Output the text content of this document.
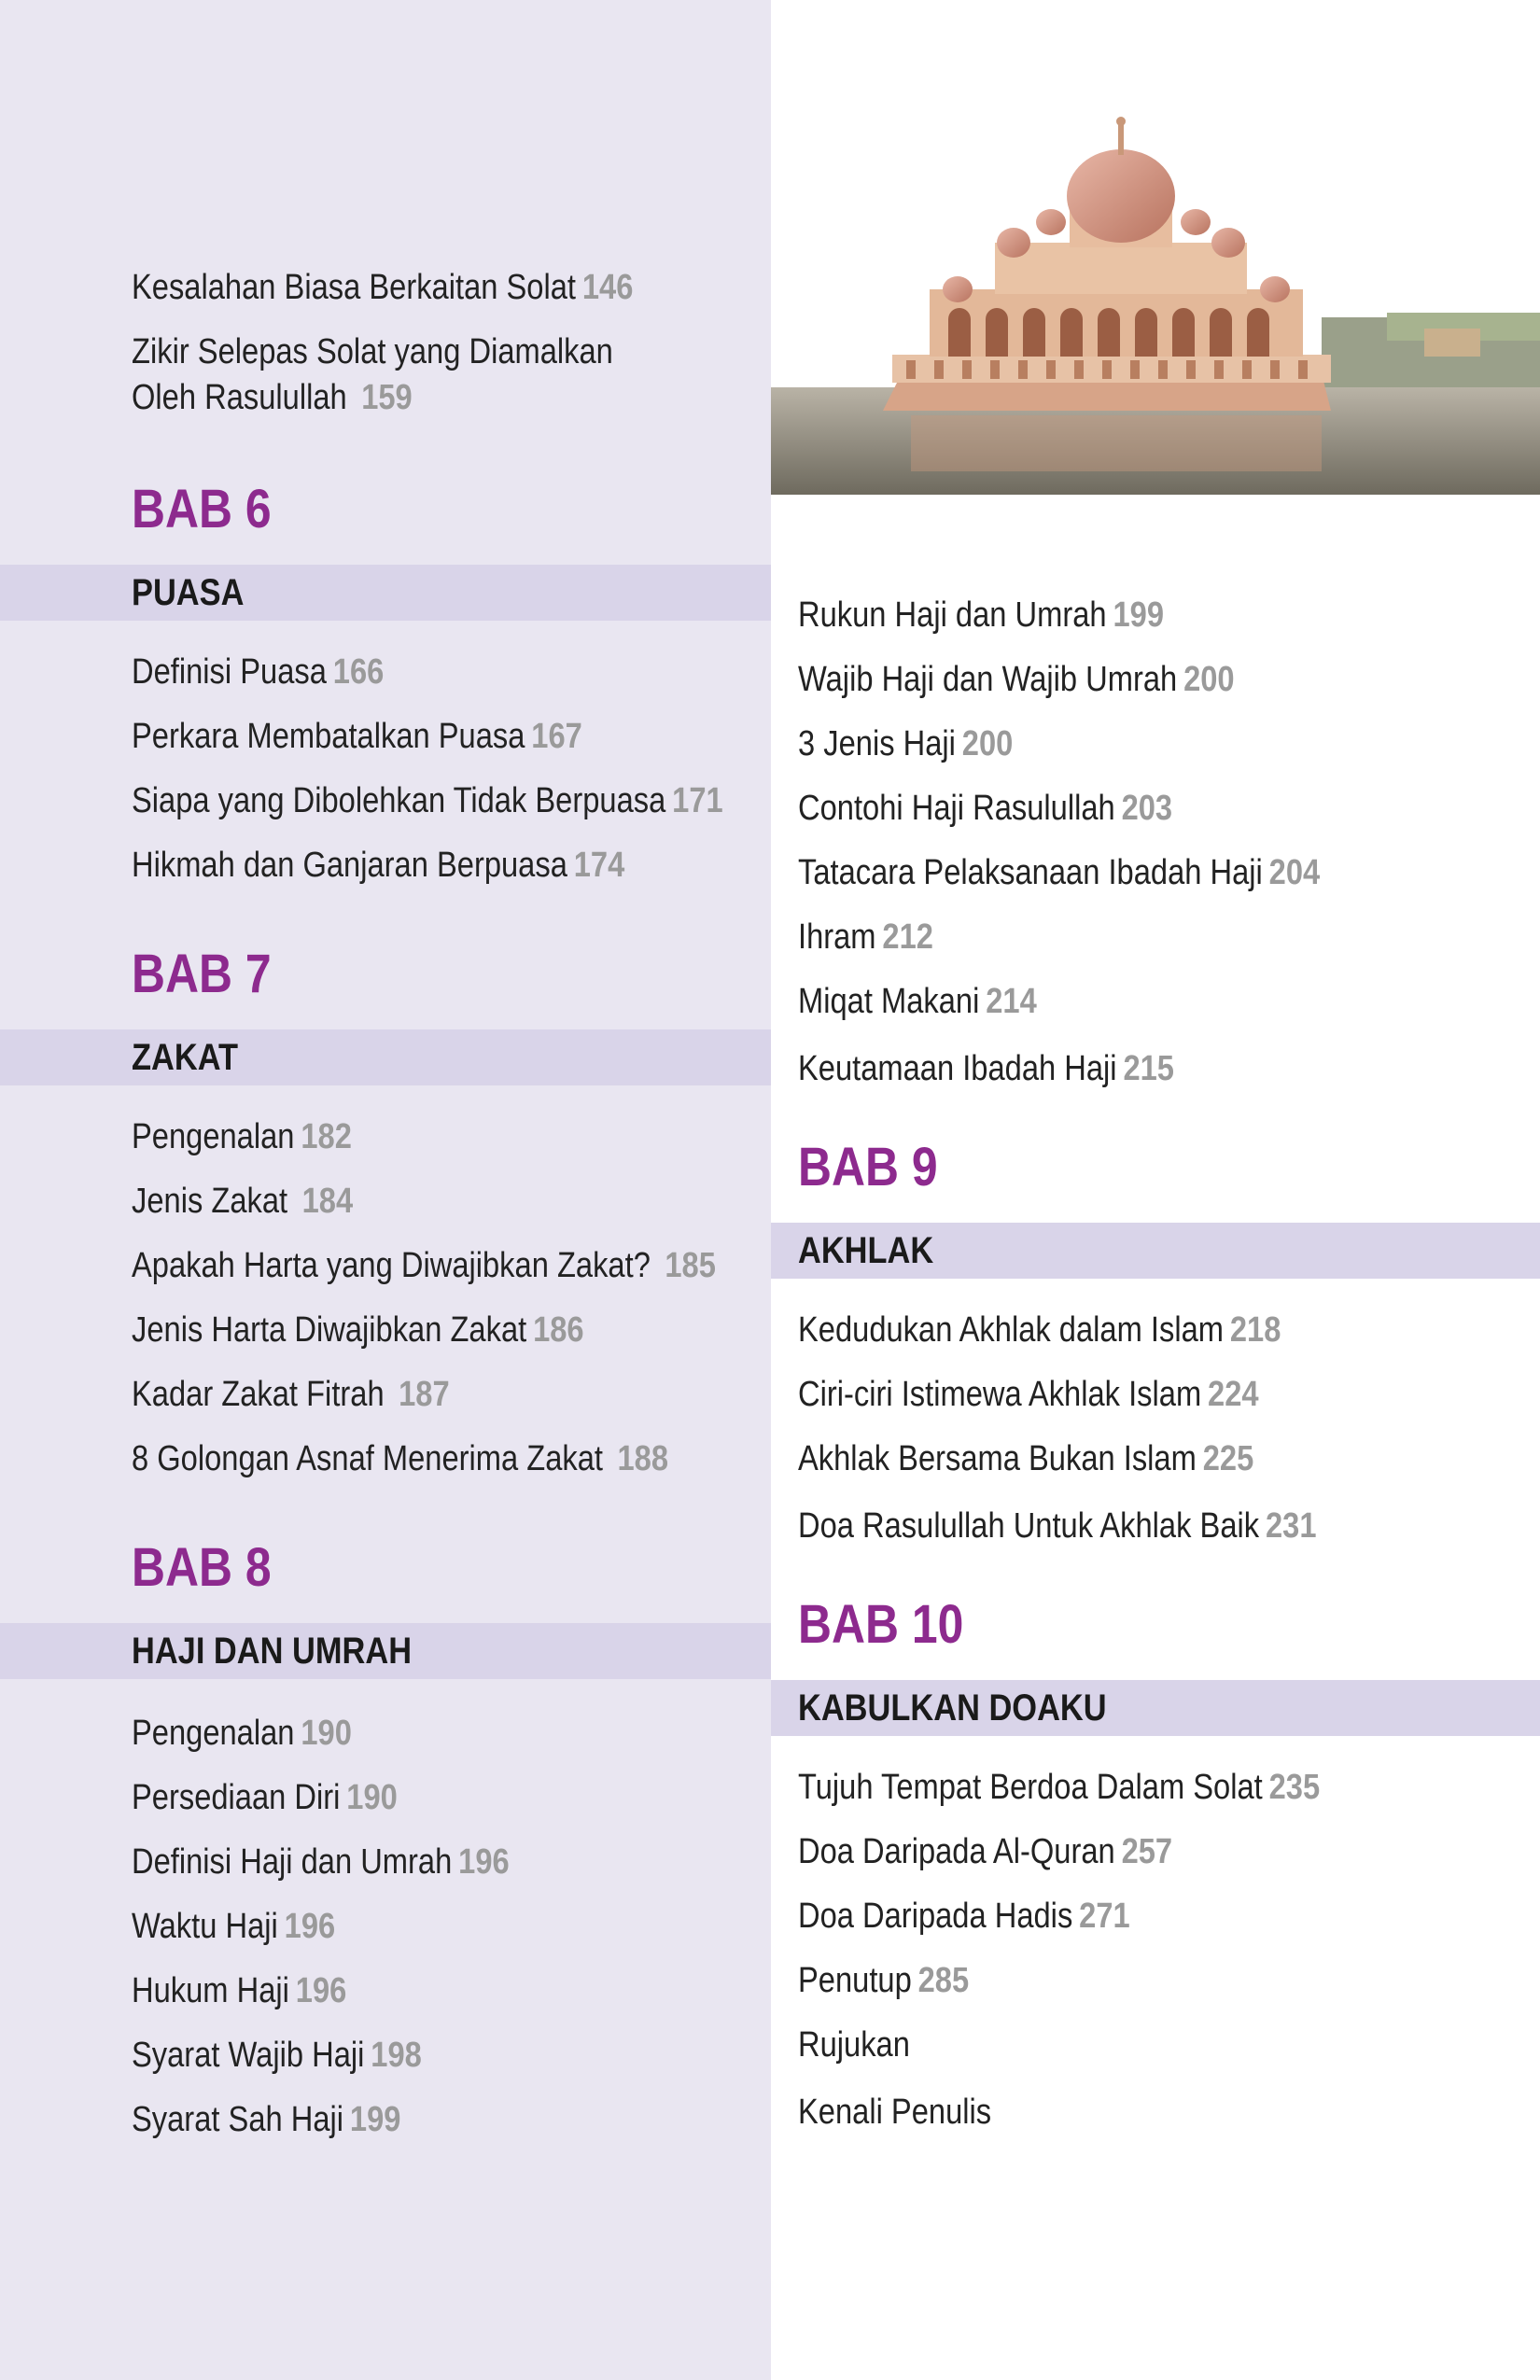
Kesalahan Biasa Berkaitan Solat 146
Zikir Selepas Solat yang Diamalkan
Oleh Rasulullah 159
BAB 6
PUASA
Definisi Puasa 166
Perkara Membatalkan Puasa 167
Siapa yang Dibolehkan Tidak Berpuasa 171
Hikmah dan Ganjaran Berpuasa 174
BAB 7
ZAKAT
Pengenalan 182
Jenis Zakat 184
Apakah Harta yang Diwajibkan Zakat? 185
Jenis Harta Diwajibkan Zakat 186
Kadar Zakat Fitrah 187
8 Golongan Asnaf Menerima Zakat 188
BAB 8
HAJI DAN UMRAH
Pengenalan 190
Persediaan Diri 190
Definisi Haji dan Umrah 196
Waktu Haji 196
Hukum Haji 196
Syarat Wajib Haji 198
Syarat Sah Haji 199
Rukun Haji dan Umrah 199
Wajib Haji dan Wajib Umrah 200
3 Jenis Haji 200
Contohi Haji Rasulullah 203
Tatacara Pelaksanaan Ibadah Haji 204
Ihram 212
Miqat Makani 214
Keutamaan Ibadah Haji 215
BAB 9
AKHLAK
Kedudukan Akhlak dalam Islam 218
Ciri-ciri Istimewa Akhlak Islam 224
Akhlak Bersama Bukan Islam 225
Doa Rasulullah Untuk Akhlak Baik 231
BAB 10
KABULKAN DOAKU
Tujuh Tempat Berdoa Dalam Solat 235
Doa Daripada Al-Quran 257
Doa Daripada Hadis 271
Penutup 285
Rujukan
Kenali Penulis
